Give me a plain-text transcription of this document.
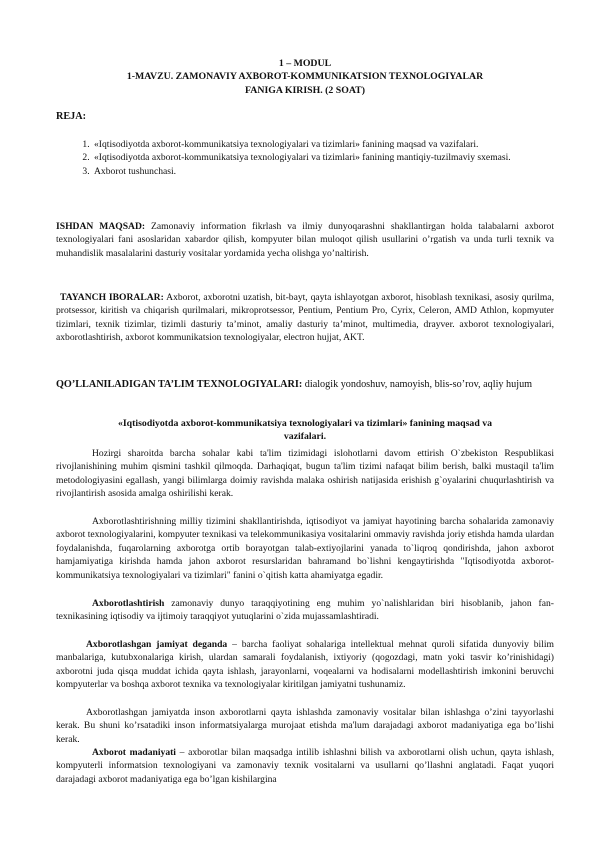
1 – MODUL
1-MAVZU. ZAMONAVIY AXBOROT-KOMMUNIKATSION TEXNOLOGIYALAR
FANIGA KIRISH. (2 SOAT)
REJA:
1. «Iqtisodiyotda axborot-kommunikatsiya texnologiyalari va tizimlari» fanining maqsad va vazifalari.
2. «Iqtisodiyotda axborot-kommunikatsiya texnologiyalari va tizimlari» fanining mantiqiy-tuzilmaviy sxemasi.
3. Axborot tushunchasi.
ISHDAN MAQSAD: Zamonaviy information fikrlash va ilmiy dunyoqarashni shakllantirgan holda talabalarni axborot texnologiyalari fani asoslaridan xabardor qilish, kompyuter bilan muloqot qilish usullarini o’rgatish va unda turli texnik va muhandislik masalalarini dasturiy vositalar yordamida yecha olishga yo’naltirish.
TAYANCH IBORALAR: Axborot, axborotni uzatish, bit-bayt, qayta ishlayotgan axborot, hisoblash texnikasi, asosiy qurilma, protsessor, kiritish va chiqarish qurilmalari, mikroprotsessor, Pentium, Pentium Pro, Cyrix, Celeron, AMD Athlon, kopmyuter tizimlari, texnik tizimlar, tizimli dasturiy ta’minot, amaliy dasturiy ta’minot, multimedia, drayver. axborot texnologiyalari, axborotlashtirish, axborot kommunikatsion texnologiyalar, electron hujjat, AKT.
QO’LLANILADIGAN TA’LIM TEXNOLOGIYALARI: dialogik yondoshuv, namoyish, blis-so’rov, aqliy hujum
«Iqtisodiyotda axborot-kommunikatsiya texnologiyalari va tizimlari» fanining maqsad va
vazifalari.
Hozirgi sharoitda barcha sohalar kabi ta'lim tizimidagi islohotlarni davom ettirish O`zbekiston Respublikasi rivojlanishining muhim qismini tashkil qilmoqda. Darhaqiqat, bugun ta'lim tizimi nafaqat bilim berish, balki mustaqil ta'lim metodologiyasini egallash, yangi bilimlarga doimiy ravishda malaka oshirish natijasida erishish g`oyalarini chuqurlashtirish va rivojlantirish asosida amalga oshirilishi kerak.
Axborotlashtirishning milliy tizimini shakllantirishda, iqtisodiyot va jamiyat hayotining barcha sohalarida zamonaviy axborot texnologiyalarini, kompyuter texnikasi va telekommunikasiya vositalarini ommaviy ravishda joriy etishda hamda ulardan foydalanishda, fuqarolarning axborotga ortib borayotgan talab-extiyojlarini yanada to`liqroq qondirishda, jahon axborot hamjamiyatiga kirishda hamda jahon axborot resurslaridan bahramand bo`lishni kengaytirishda "Iqtisodiyotda axborot-kommunikatsiya texnologiyalari va tizimlari" fanini o`qitish katta ahamiyatga egadir.
Axborotlashtirish zamonaviy dunyo taraqqiyotining eng muhim yo`nalishlaridan biri hisoblanib, jahon fan-texnikasining iqtisodiy va ijtimoiy taraqqiyot yutuqlarini o`zida mujassamlashtiradi.
Axborotlashgan jamiyat deganda – barcha faoliyat sohalariga intellektual mehnat quroli sifatida dunyoviy bilim manbalariga, kutubxonalariga kirish, ulardan samarali foydalanish, ixtiyoriy (qogozdagi, matn yoki tasvir ko’rinishidagi) axborotni juda qisqa muddat ichida qayta ishlash, jarayonlarni, voqealarni va hodisalarni modellashtirish imkonini beruvchi kompyuterlar va boshqa axborot texnika va texnologiyalar kiritilgan jamiyatni tushunamiz.
Axborotlashgan jamiyatda inson axborotlarni qayta ishlashda zamonaviy vositalar bilan ishlashga o’zini tayyorlashi kerak. Bu shuni ko’rsatadiki inson informatsiyalarga murojaat etishda ma'lum darajadagi axborot madaniyatiga ega bo’lishi kerak.
Axborot madaniyati – axborotlar bilan maqsadga intilib ishlashni bilish va axborotlarni olish uchun, qayta ishlash, kompyuterli informatsion texnologiyani va zamonaviy texnik vositalarni va usullarni qo’llashni anglatadi. Faqat yuqori darajadagi axborot madaniyatiga ega bo’lgan kishilargina
